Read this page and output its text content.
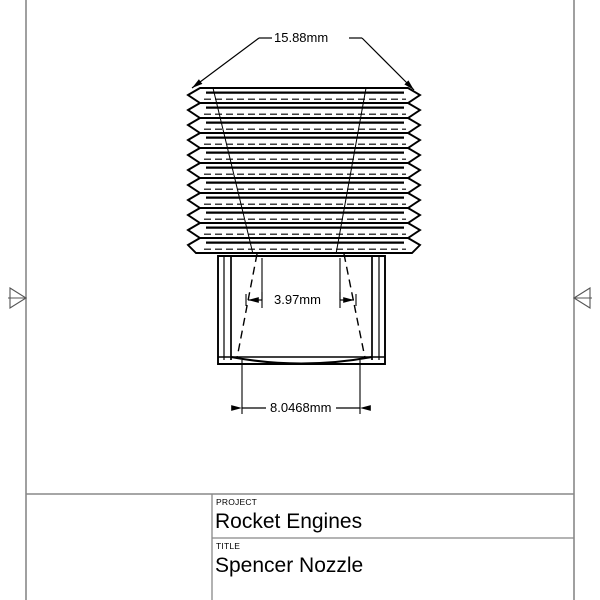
15.88mm
3.97mm
8.0468mm
PROJECT
Rocket Engines
TITLE
Spencer Nozzle
